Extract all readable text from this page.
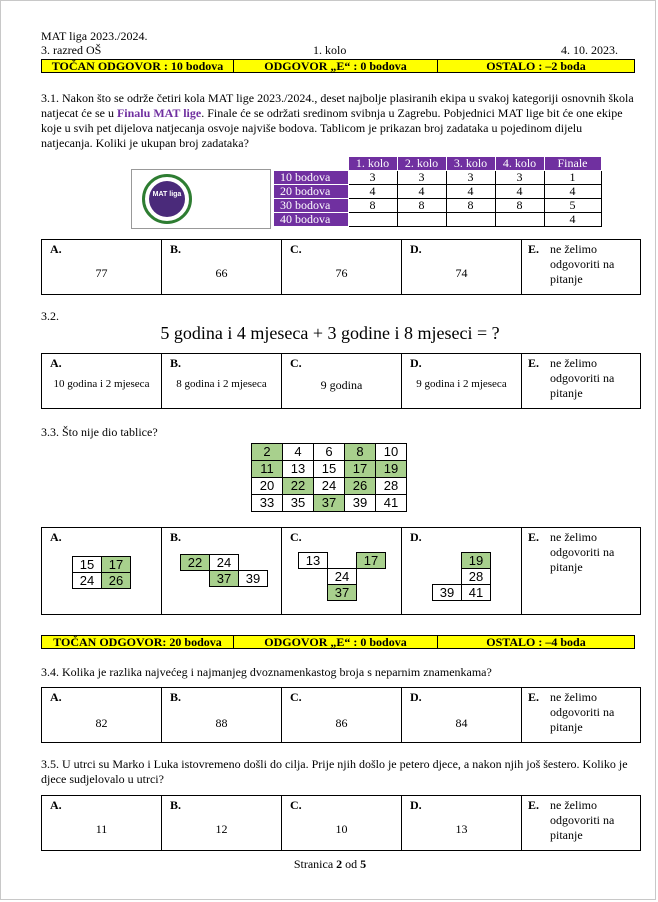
MAT liga 2023./2024.
3. razred OŠ	1. kolo	4. 10. 2023.
TOČAN ODGOVOR : 10 bodova	ODGOVOR „E“ : 0 bodova	OSTALO : –2 boda
3.1. Nakon što se održe četiri kola MAT lige 2023./2024., deset najbolje plasiranih ekipa u svakoj kategoriji osnovnih škola natjecat će se u Finalu MAT lige. Finale će se održati sredinom svibnja u Zagrebu. Pobjednici MAT lige bit će one ekipe koje u svih pet dijelova natjecanja osvoje najviše bodova. Tablicom je prikazan broj zadataka u pojedinom dijelu natjecanja. Koliki je ukupan broj zadataka?
MAT liga
	1. kolo	2. kolo	3. kolo	4. kolo	Finale
10 bodova	3	3	3	3	1
20 bodova	4	4	4	4	4
30 bodova	8	8	8	8	5
40 bodova					4
A.
77
B.
66
C.
76
D.
74
E. ne želimo odgovoriti na pitanje
3.2.
5 godina i 4 mjeseca + 3 godine i 8 mjeseci = ?
A.
10 godina i 2 mjeseca
B.
8 godina i 2 mjeseca
C.
9 godina
D.
9 godina i 2 mjeseca
E. ne želimo odgovoriti na pitanje
3.3. Što nije dio tablice?
2	4	6	8	10
11	13	15	17	19
20	22	24	26	28
33	35	37	39	41
A.
15	17
24	26
B.
22	24	
	37	39
C.
13		17
	24	
	37	
D.
	19
	28
39	41
E. ne želimo odgovoriti na pitanje
TOČAN ODGOVOR: 20 bodova	ODGOVOR „E“ : 0 bodova	OSTALO : –4 boda
3.4. Kolika je razlika najvećeg i najmanjeg dvoznamenkastog broja s neparnim znamenkama?
A.
82
B.
88
C.
86
D.
84
E. ne želimo odgovoriti na pitanje
3.5. U utrci su Marko i Luka istovremeno došli do cilja. Prije njih došlo je petero djece, a nakon njih još šestero. Koliko je djece sudjelovalo u utrci?
A.
11
B.
12
C.
10
D.
13
E. ne želimo odgovoriti na pitanje
Stranica 2 od 5
